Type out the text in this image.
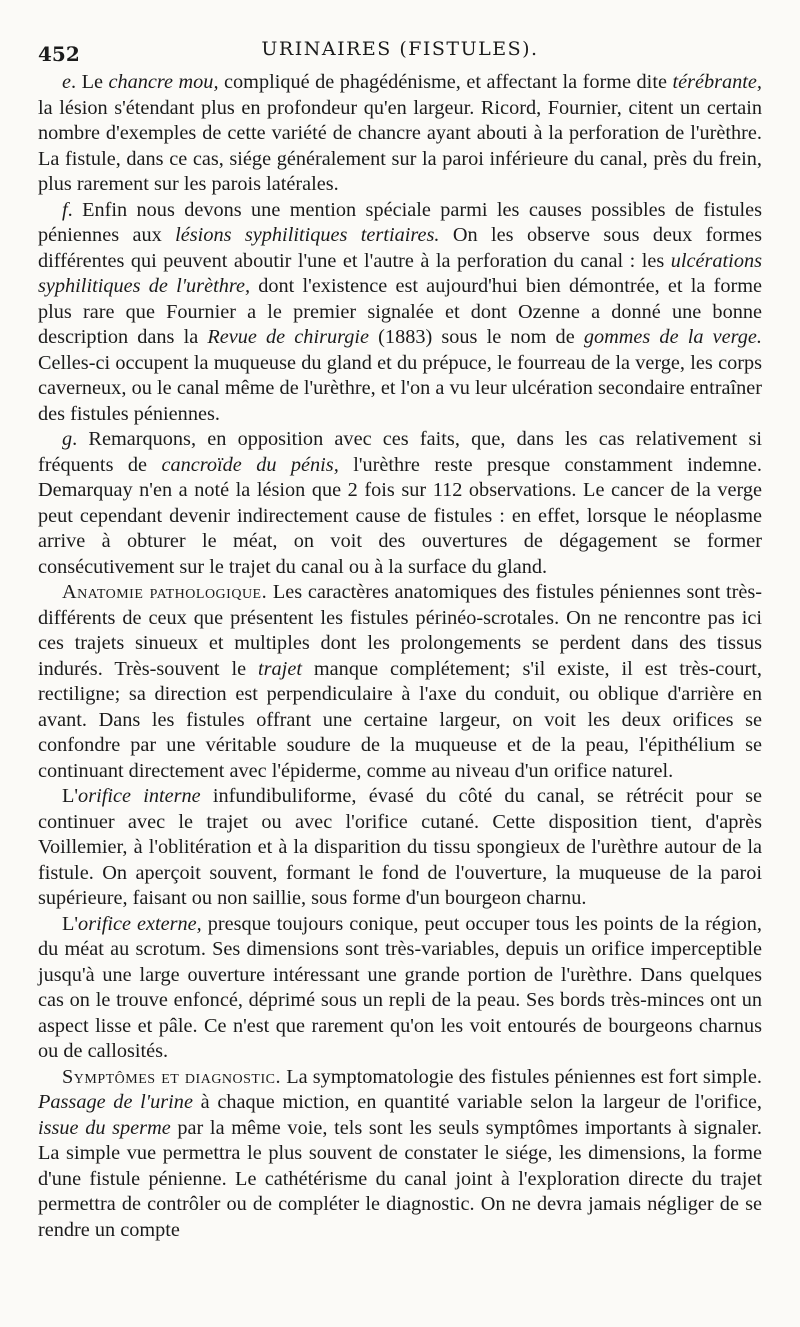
452	URINAIRES (FISTULES).

e. Le chancre mou, compliqué de phagédénisme, et affectant la forme dite térébrante, la lésion s'étendant plus en profondeur qu'en largeur. Ricord, Fournier, citent un certain nombre d'exemples de cette variété de chancre ayant abouti à la perforation de l'urèthre. La fistule, dans ce cas, siége généralement sur la paroi inférieure du canal, près du frein, plus rarement sur les parois latérales.

f. Enfin nous devons une mention spéciale parmi les causes possibles de fistules péniennes aux lésions syphilitiques tertiaires. On les observe sous deux formes différentes qui peuvent aboutir l'une et l'autre à la perforation du canal : les ulcérations syphilitiques de l'urèthre, dont l'existence est aujourd'hui bien démontrée, et la forme plus rare que Fournier a le premier signalée et dont Ozenne a donné une bonne description dans la Revue de chirurgie (1883) sous le nom de gommes de la verge. Celles-ci occupent la muqueuse du gland et du prépuce, le fourreau de la verge, les corps caverneux, ou le canal même de l'urèthre, et l'on a vu leur ulcération secondaire entraîner des fistules péniennes.

g. Remarquons, en opposition avec ces faits, que, dans les cas relativement si fréquents de cancroïde du pénis, l'urèthre reste presque constamment indemne. Demarquay n'en a noté la lésion que 2 fois sur 112 observations. Le cancer de la verge peut cependant devenir indirectement cause de fistules : en effet, lorsque le néoplasme arrive à obturer le méat, on voit des ouvertures de dégagement se former consécutivement sur le trajet du canal ou à la surface du gland.

Anatomie pathologique. Les caractères anatomiques des fistules péniennes sont très-différents de ceux que présentent les fistules périnéo-scrotales. On ne rencontre pas ici ces trajets sinueux et multiples dont les prolongements se perdent dans des tissus indurés. Très-souvent le trajet manque complétement; s'il existe, il est très-court, rectiligne; sa direction est perpendiculaire à l'axe du conduit, ou oblique d'arrière en avant. Dans les fistules offrant une certaine largeur, on voit les deux orifices se confondre par une véritable soudure de la muqueuse et de la peau, l'épithélium se continuant directement avec l'épiderme, comme au niveau d'un orifice naturel.

L'orifice interne infundibuliforme, évasé du côté du canal, se rétrécit pour se continuer avec le trajet ou avec l'orifice cutané. Cette disposition tient, d'après Voillemier, à l'oblitération et à la disparition du tissu spongieux de l'urèthre autour de la fistule. On aperçoit souvent, formant le fond de l'ouverture, la muqueuse de la paroi supérieure, faisant ou non saillie, sous forme d'un bourgeon charnu.

L'orifice externe, presque toujours conique, peut occuper tous les points de la région, du méat au scrotum. Ses dimensions sont très-variables, depuis un orifice imperceptible jusqu'à une large ouverture intéressant une grande portion de l'urèthre. Dans quelques cas on le trouve enfoncé, déprimé sous un repli de la peau. Ses bords très-minces ont un aspect lisse et pâle. Ce n'est que rarement qu'on les voit entourés de bourgeons charnus ou de callosités.

Symptômes et diagnostic. La symptomatologie des fistules péniennes est fort simple. Passage de l'urine à chaque miction, en quantité variable selon la largeur de l'orifice, issue du sperme par la même voie, tels sont les seuls symptômes importants à signaler. La simple vue permettra le plus souvent de constater le siége, les dimensions, la forme d'une fistule pénienne. Le cathétérisme du canal joint à l'exploration directe du trajet permettra de contrôler ou de compléter le diagnostic. On ne devra jamais négliger de se rendre un compte
